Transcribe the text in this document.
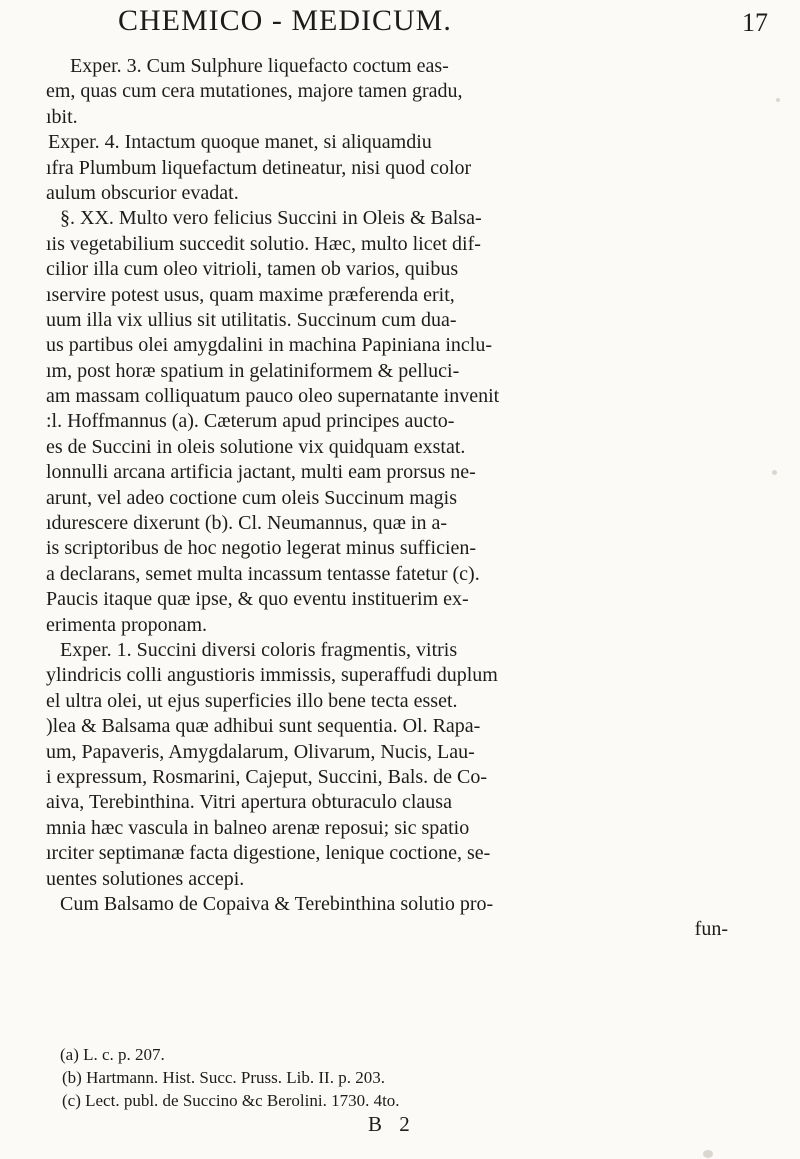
CHEMICO - MEDICUM.	17
Exper. 3. Cum Sulphure liquefacto coctum eas-
em, quas cum cera mutationes, majore tamen gradu,
ıbit.
Exper. 4. Intactum quoque manet, si aliquamdiu
ıfra Plumbum liquefactum detineatur, nisi quod color
aulum obscurior evadat.
§. XX. Multo vero felicius Succini in Oleis & Balsa-
ıis vegetabilium succedit solutio. Hæc, multo licet dif-
cilior illa cum oleo vitrioli, tamen ob varios, quibus
ıservire potest usus, quam maxime præferenda erit,
uum illa vix ullius sit utilitatis. Succinum cum dua-
us partibus olei amygdalini in machina Papiniana inclu-
ım, post horæ spatium in gelatiniformem & pelluci-
am massam colliquatum pauco oleo supernatante invenit
:l. Hoffmannus (a). Cæterum apud principes aucto-
es de Succini in oleis solutione vix quidquam exstat.
lonnulli arcana artificia jactant, multi eam prorsus ne-
arunt, vel adeo coctione cum oleis Succinum magis
ıdurescere dixerunt (b). Cl. Neumannus, quæ in a-
is scriptoribus de hoc negotio legerat minus sufficien-
a declarans, semet multa incassum tentasse fatetur (c).
Paucis itaque quæ ipse, & quo eventu instituerim ex-
erimenta proponam.
Exper. 1. Succini diversi coloris fragmentis, vitris
ylindricis colli angustioris immissis, superaffudi duplum
el ultra olei, ut ejus superficies illo bene tecta esset.
)lea & Balsama quæ adhibui sunt sequentia. Ol. Rapa-
um, Papaveris, Amygdalarum, Olivarum, Nucis, Lau-
i expressum, Rosmarini, Cajeput, Succini, Bals. de Co-
aiva, Terebinthina. Vitri apertura obturaculo clausa
mnia hæc vascula in balneo arenæ reposui; sic spatio
ırciter septimanæ facta digestione, lenique coctione, se-
uentes solutiones accepi.
Cum Balsamo de Copaiva & Terebinthina solutio pro-
fun-
(a) L. c. p. 207.
(b) Hartmann. Hist. Succ. Pruss. Lib. II. p. 203.
(c) Lect. publ. de Succino &c Berolini. 1730. 4to.
B 2
